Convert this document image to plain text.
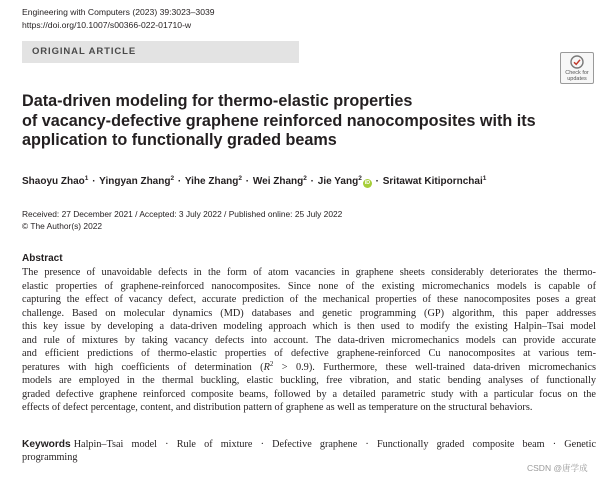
Engineering with Computers (2023) 39:3023–3039
https://doi.org/10.1007/s00366-022-01710-w
ORIGINAL ARTICLE
Check for
updates
Data-driven modeling for thermo-elastic properties
of vacancy-defective graphene reinforced nanocomposites with its
application to functionally graded beams
Shaoyu Zhao$^1$ · Yingyan Zhang$^2$ · Yihe Zhang$^2$ · Wei Zhang$^2$ · Jie Yang$^2$iD · Sritawat Kitipornchai$^1$
Received: 27 December 2021 / Accepted: 3 July 2022 / Published online: 25 July 2022
© The Author(s) 2022
Abstract
The presence of unavoidable defects in the form of atom vacancies in graphene sheets considerably deteriorates the thermo-
elastic properties of graphene-reinforced nanocomposites. Since none of the existing micromechanics models is capable of
capturing the effect of vacancy defect, accurate prediction of the mechanical properties of these nanocomposites poses a great
challenge. Based on molecular dynamics (MD) databases and genetic programming (GP) algorithm, this paper addresses
this key issue by developing a data-driven modeling approach which is then used to modify the existing Halpin–Tsai model
and rule of mixtures by taking vacancy defects into account. The data-driven micromechanics models can provide accurate
and efficient predictions of thermo-elastic properties of defective graphene-reinforced Cu nanocomposites at various tem-
peratures with high coefficients of determination $(R^2 > 0.9)$. Furthermore, these well-trained data-driven micromechanics
models are employed in the thermal buckling, elastic buckling, free vibration, and static bending analyses of functionally
graded defective graphene reinforced composite beams, followed by a detailed parametric study with a particular focus on the
effects of defect percentage, content, and distribution pattern of graphene as well as temperature on the structural behaviors.
Keywords Halpin–Tsai model · Rule of mixture · Defective graphene · Functionally graded composite beam · Genetic
programming
CSDN @唐学成
